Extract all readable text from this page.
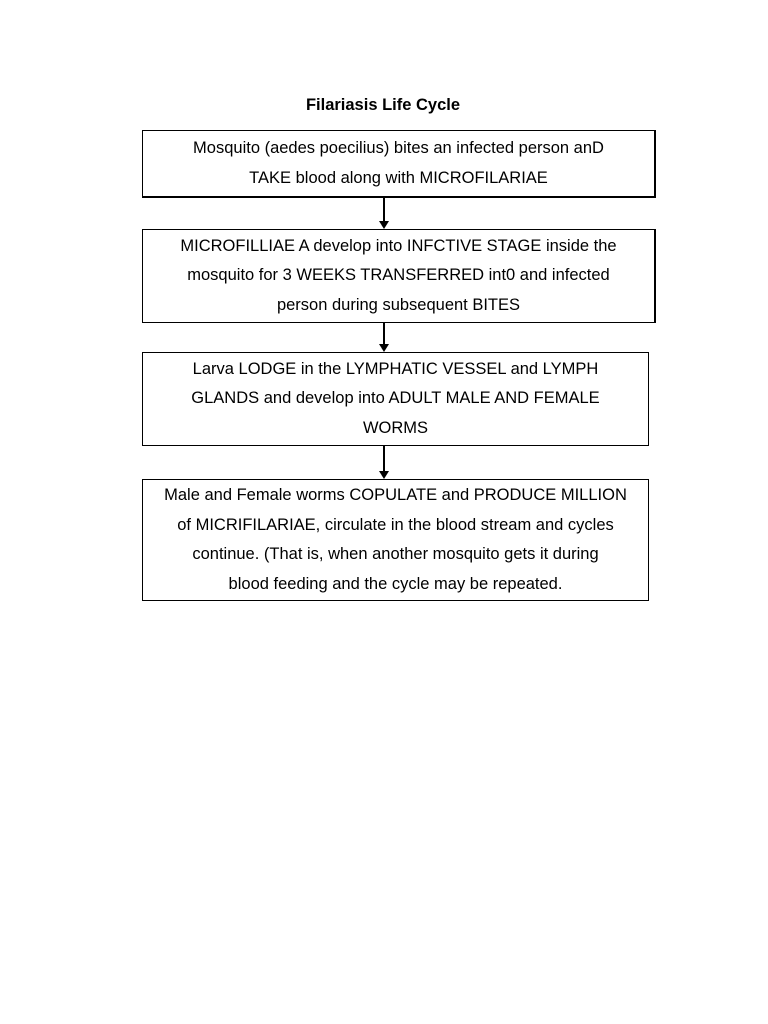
Filariasis Life Cycle
Mosquito (aedes poecilius) bites an infected person anD
TAKE blood along with MICROFILARIAE
MICROFILLIAE A develop into INFCTIVE STAGE inside the
mosquito for 3 WEEKS TRANSFERRED int0 and infected
person during subsequent BITES
Larva LODGE in the LYMPHATIC VESSEL and LYMPH
GLANDS and develop into ADULT MALE AND FEMALE
WORMS
Male and Female worms COPULATE and PRODUCE MILLION
of MICRIFILARIAE, circulate in the blood stream and cycles
continue. (That is, when another mosquito gets it during
blood feeding and the cycle may be repeated.
